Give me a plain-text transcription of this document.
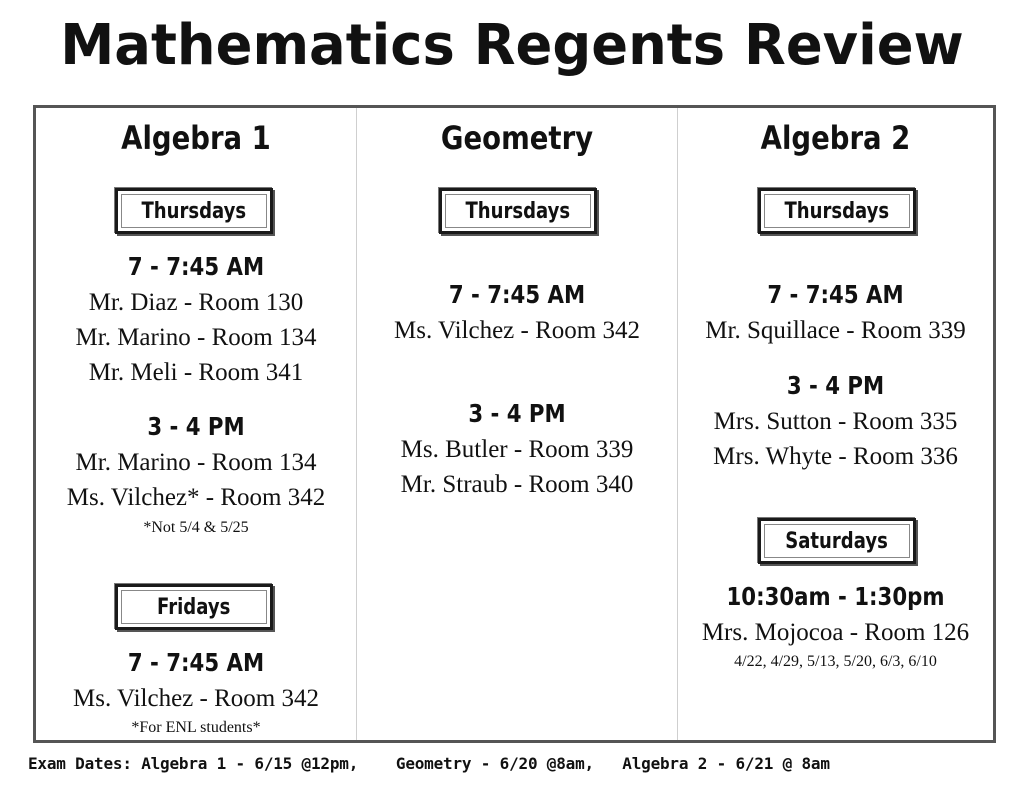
Mathematics Regents Review
Algebra 1
Thursdays
7 - 7:45 AM
Mr. Diaz - Room 130
Mr. Marino - Room 134
Mr. Meli - Room 341
3 - 4 PM
Mr. Marino - Room 134
Ms. Vilchez* - Room 342
*Not 5/4 & 5/25
Fridays
7 - 7:45 AM
Ms. Vilchez - Room 342
*For ENL students*
Geometry
Thursdays
7 - 7:45 AM
Ms. Vilchez - Room 342
3 - 4 PM
Ms. Butler - Room 339
Mr. Straub - Room 340
Algebra 2
Thursdays
7 - 7:45 AM
Mr. Squillace - Room 339
3 - 4 PM
Mrs. Sutton - Room 335
Mrs. Whyte - Room 336
Saturdays
10:30am - 1:30pm
Mrs. Mojocoa - Room 126
4/22, 4/29, 5/13, 5/20, 6/3, 6/10
Exam Dates: Algebra 1 - 6/15 @12pm,    Geometry - 6/20 @8am,   Algebra 2 - 6/21 @ 8am
